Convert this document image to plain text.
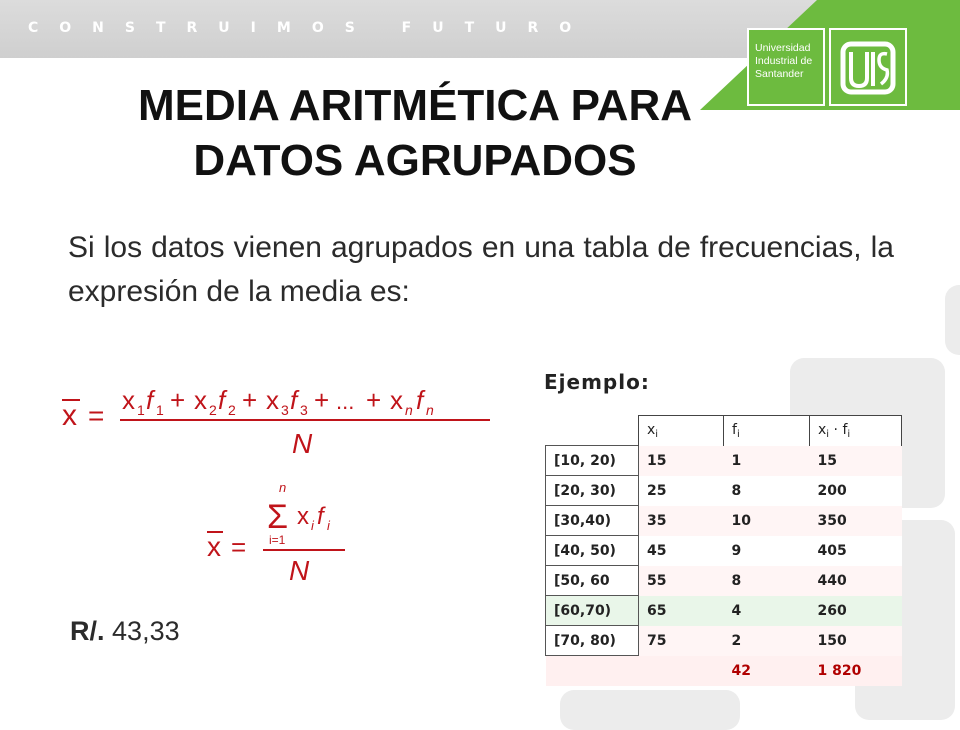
CONSTRUIMOS FUTURO
Universidad Industrial de Santander
MEDIA ARITMÉTICA PARA
DATOS AGRUPADOS
Si los datos vienen agrupados en una tabla de frecuencias, la expresión de la media es:
x = x 1 f 1 + x 2 f 2 + x 3 f 3 + ... + x n f n
N
x =
n
Σ
i=1
x i f i
N
R/. 43,33
Ejemplo:
	$x_i$	$f_i$	$x_i \cdot f_i$
[10, 20)	15	1	15
[20, 30)	25	8	200
[30,40)	35	10	350
[40, 50)	45	9	405
[50, 60	55	8	440
[60,70)	65	4	260
[70, 80)	75	2	150
		42	1 820
